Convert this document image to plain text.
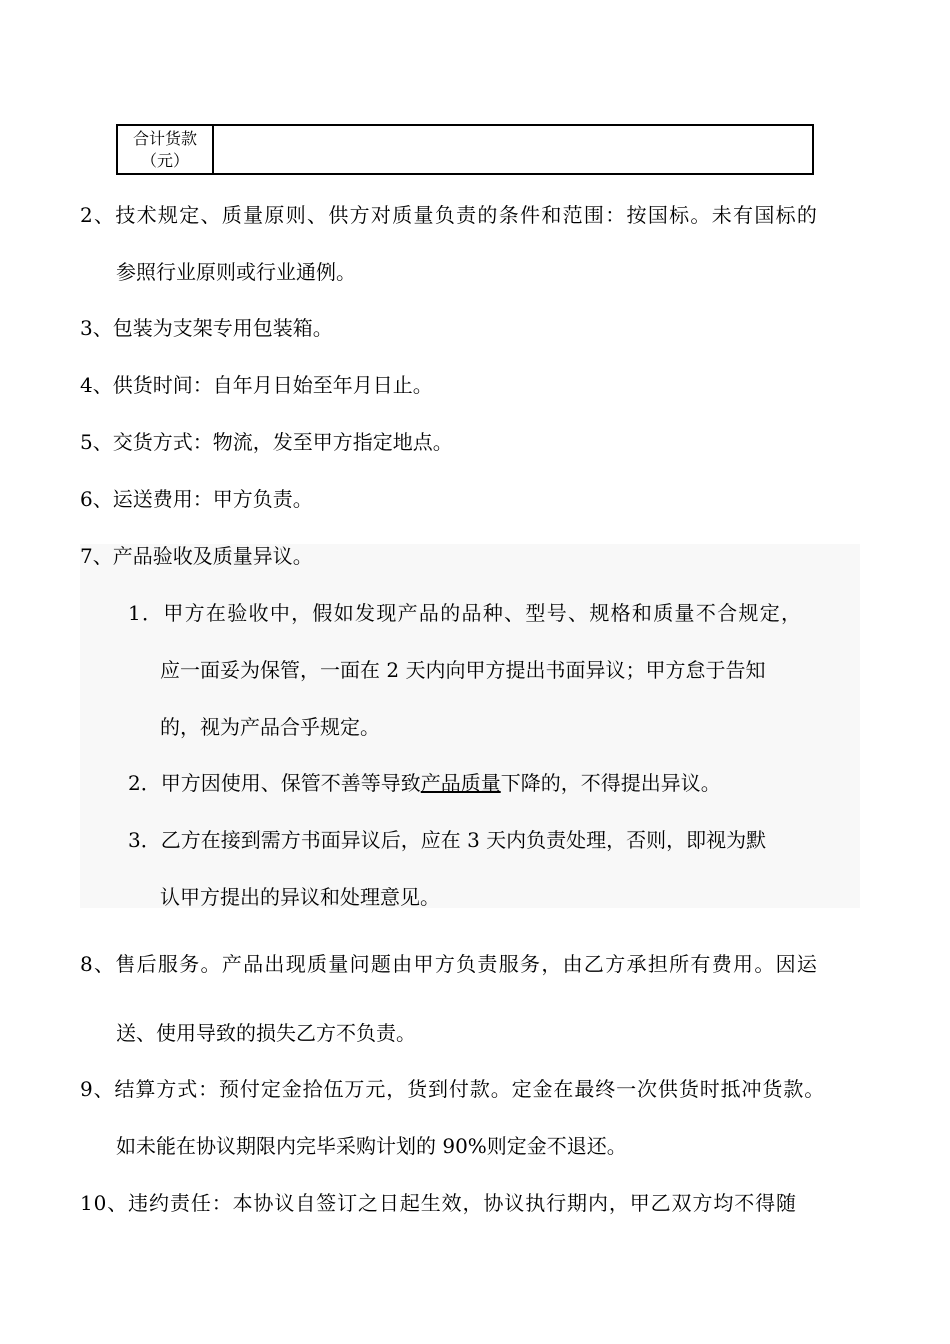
合计货款
（元）
2、技术规定、质量原则、供方对质量负责的条件和范围：按国标。未有国标的
参照行业原则或行业通例。
3、包装为支架专用包装箱。
4、供货时间：自年月日始至年月日止。
5、交货方式：物流，发至甲方指定地点。
6、运送费用：甲方负责。
7、产品验收及质量异议。
1．甲方在验收中，假如发现产品的品种、型号、规格和质量不合规定，
应一面妥为保管，一面在 2 天内向甲方提出书面异议；甲方怠于告知
的，视为产品合乎规定。
2．甲方因使用、保管不善等导致产品质量下降的，不得提出异议。
3．乙方在接到需方书面异议后，应在 3 天内负责处理，否则，即视为默
认甲方提出的异议和处理意见。
8、售后服务。产品出现质量问题由甲方负责服务，由乙方承担所有费用。因运
送、使用导致的损失乙方不负责。
9、结算方式：预付定金拾伍万元，货到付款。定金在最终一次供货时抵冲货款。
如未能在协议期限内完毕采购计划的 90%则定金不退还。
10、违约责任：本协议自签订之日起生效，协议执行期内，甲乙双方均不得随
